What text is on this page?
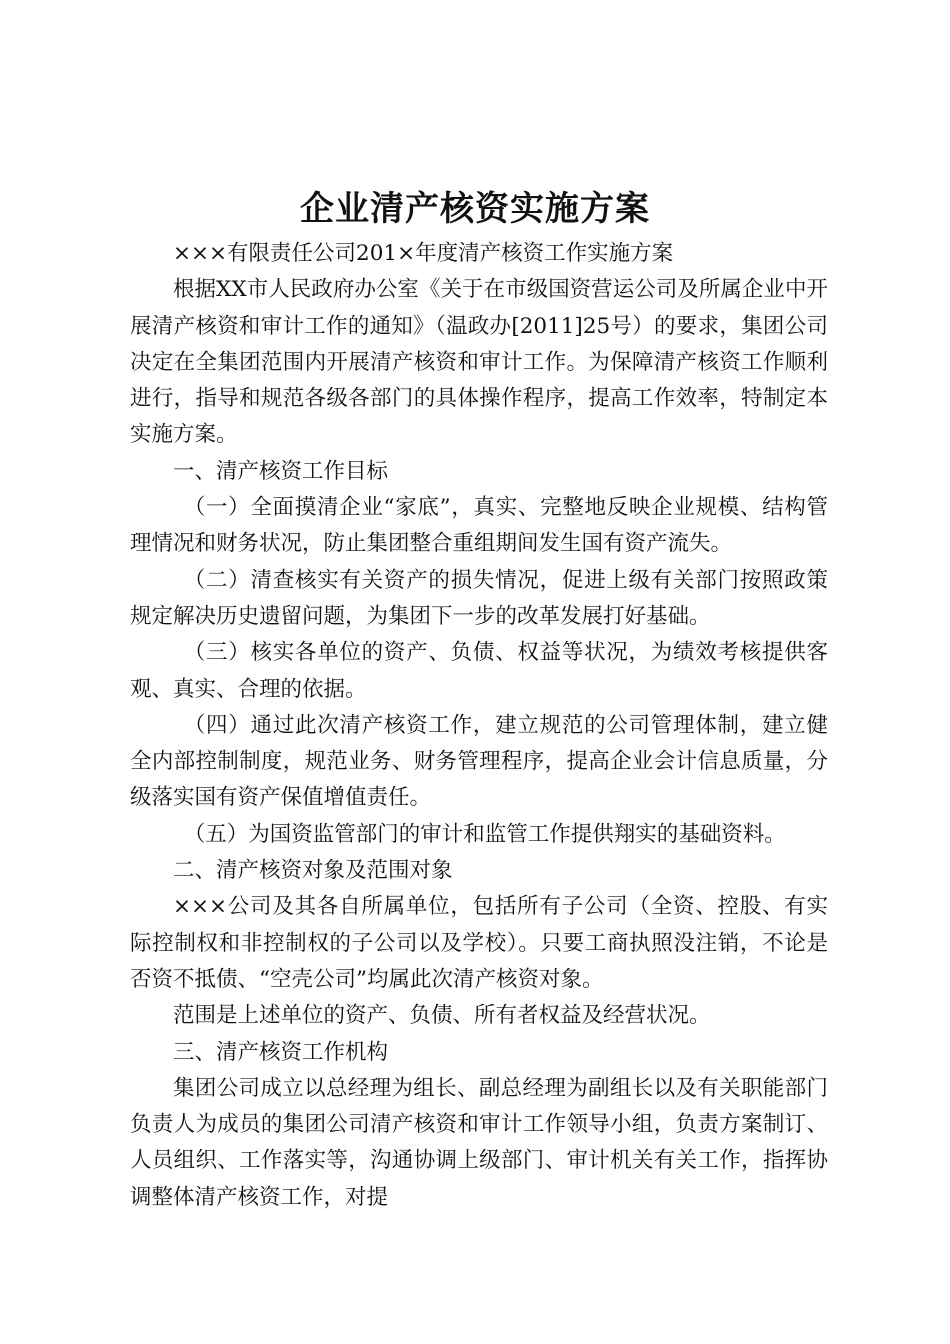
企业清产核资实施方案

×××有限责任公司201×年度清产核资工作实施方案

根据XX市人民政府办公室《关于在市级国资营运公司及所属企业中开展清产核资和审计工作的通知》（温政办[2011]25号）的要求，集团公司决定在全集团范围内开展清产核资和审计工作。为保障清产核资工作顺利进行，指导和规范各级各部门的具体操作程序，提高工作效率，特制定本实施方案。

一、清产核资工作目标

（一）全面摸清企业“家底”，真实、完整地反映企业规模、结构管理情况和财务状况，防止集团整合重组期间发生国有资产流失。

（二）清查核实有关资产的损失情况，促进上级有关部门按照政策规定解决历史遗留问题，为集团下一步的改革发展打好基础。

（三）核实各单位的资产、负债、权益等状况，为绩效考核提供客观、真实、合理的依据。

（四）通过此次清产核资工作，建立规范的公司管理体制，建立健全内部控制制度，规范业务、财务管理程序，提高企业会计信息质量，分级落实国有资产保值增值责任。

（五）为国资监管部门的审计和监管工作提供翔实的基础资料。

二、清产核资对象及范围对象

×××公司及其各自所属单位，包括所有子公司（全资、控股、有实际控制权和非控制权的子公司以及学校）。只要工商执照没注销，不论是否资不抵债、“空壳公司”均属此次清产核资对象。

范围是上述单位的资产、负债、所有者权益及经营状况。

三、清产核资工作机构

集团公司成立以总经理为组长、副总经理为副组长以及有关职能部门负责人为成员的集团公司清产核资和审计工作领导小组，负责方案制订、人员组织、工作落实等，沟通协调上级部门、审计机关有关工作，指挥协调整体清产核资工作，对提
